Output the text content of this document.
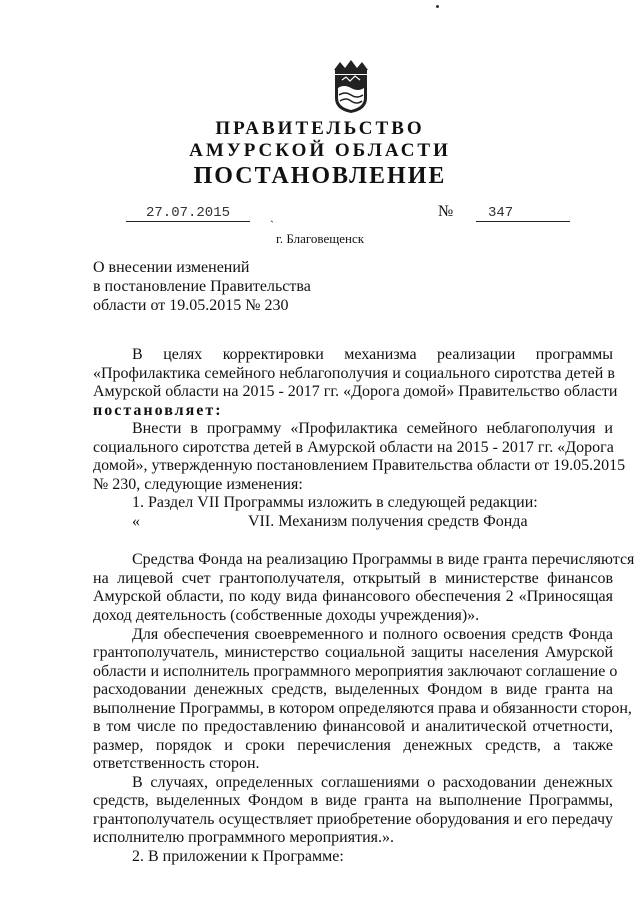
ПРАВИТЕЛЬСТВО
АМУРСКОЙ ОБЛАСТИ
ПОСТАНОВЛЕНИЕ
27.07.2015	ˎ	№	347
г. Благовещенск
О внесении изменений
в постановление Правительства
области от 19.05.2015 № 230
В целях корректировки механизма реализации программы
«Профилактика семейного неблагополучия и социального сиротства детей в
Амурской области на 2015 - 2017 гг. «Дорога домой» Правительство области
постановляет:
Внести в программу «Профилактика семейного неблагополучия и
социального сиротства детей в Амурской области на 2015 - 2017 гг. «Дорога
домой», утвержденную постановлением Правительства области от 19.05.2015
№ 230, следующие изменения:
1. Раздел VII Программы изложить в следующей редакции:
«	VII. Механизм получения средств Фонда
Средства Фонда на реализацию Программы в виде гранта перечисляются
на лицевой счет грантополучателя, открытый в министерстве финансов
Амурской области, по коду вида финансового обеспечения 2 «Приносящая
доход деятельность (собственные доходы учреждения)».
Для обеспечения своевременного и полного освоения средств Фонда
грантополучатель, министерство социальной защиты населения Амурской
области и исполнитель программного мероприятия заключают соглашение о
расходовании денежных средств, выделенных Фондом в виде гранта на
выполнение Программы, в котором определяются права и обязанности сторон,
в том числе по предоставлению финансовой и аналитической отчетности,
размер, порядок и сроки перечисления денежных средств, а также
ответственность сторон.
В случаях, определенных соглашениями о расходовании денежных
средств, выделенных Фондом в виде гранта на выполнение Программы,
грантополучатель осуществляет приобретение оборудования и его передачу
исполнителю программного мероприятия.».
2. В приложении к Программе:
